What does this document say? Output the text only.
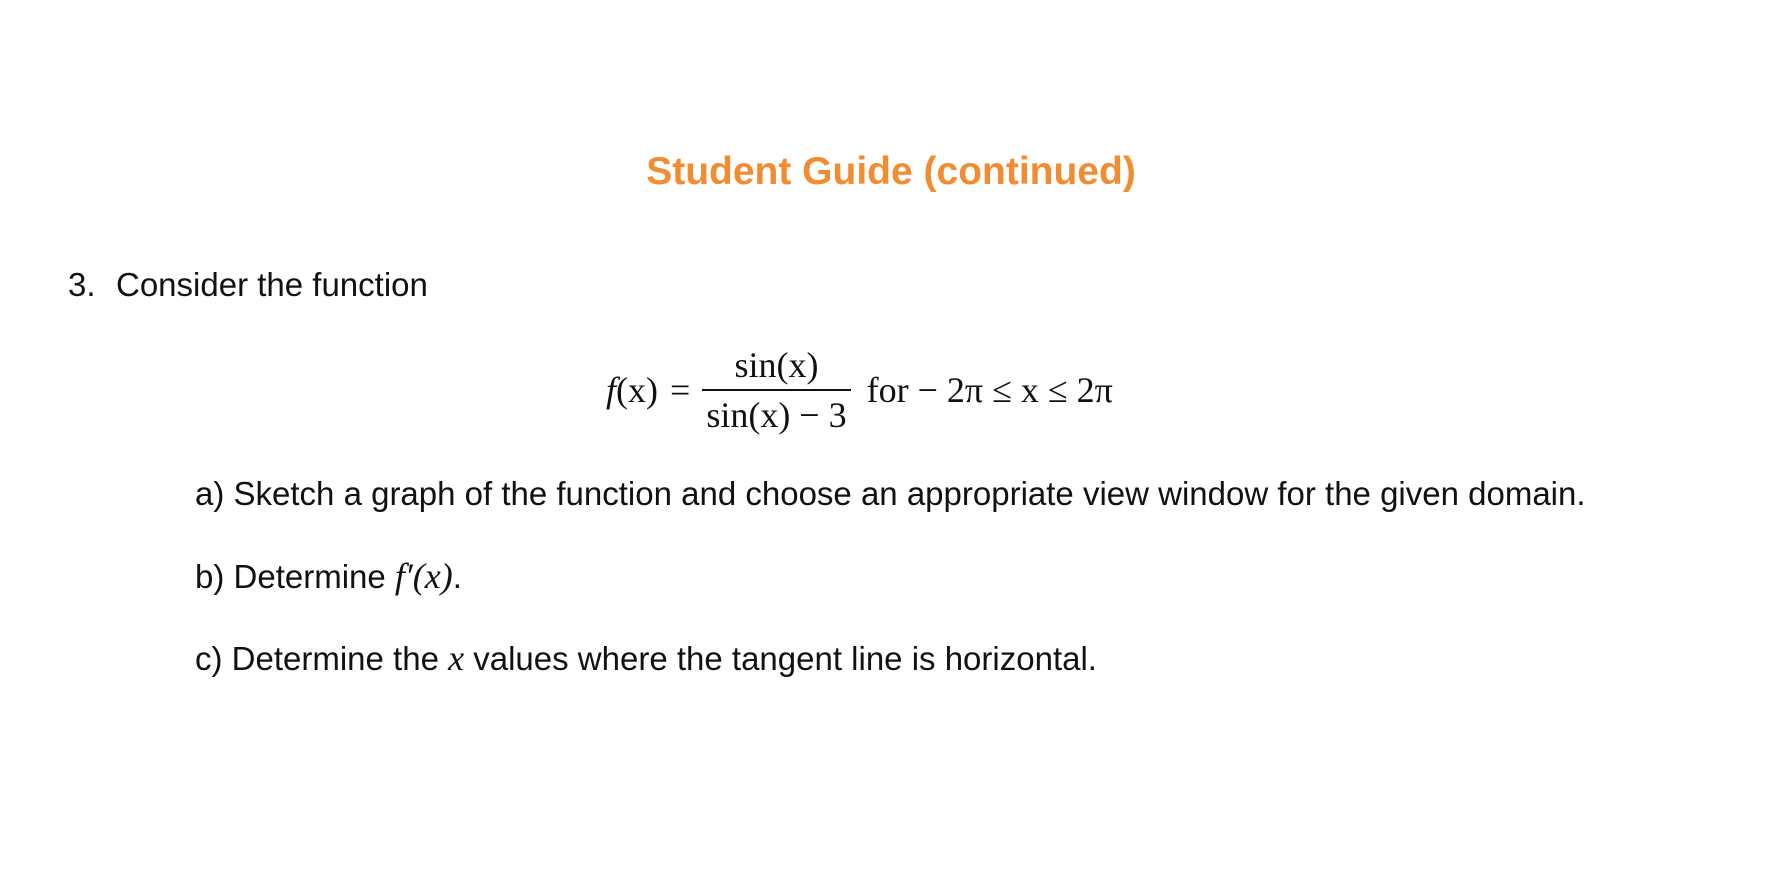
Student Guide (continued)
3. Consider the function
$f(x) = \frac{\sin(x)}{\sin(x) - 3}$ for − 2π ≤ x ≤ 2π
a) Sketch a graph of the function and choose an appropriate view window for the given domain.
b) Determine f′(x).
c) Determine the x values where the tangent line is horizontal.
